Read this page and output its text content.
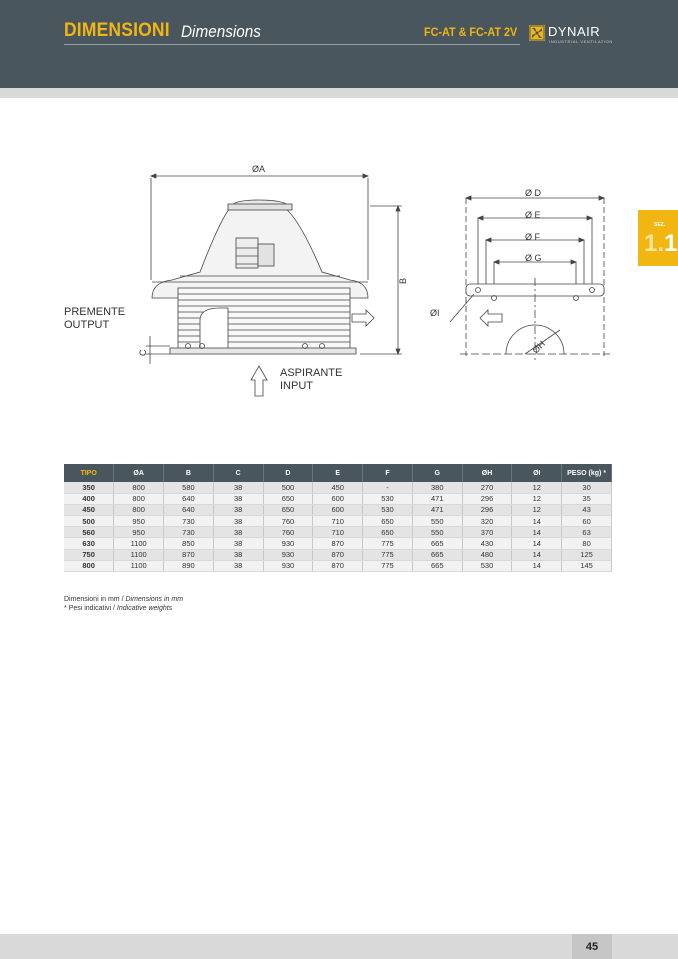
DIMENSIONI Dimensions	FC-AT & FC-AT 2V DYNAIR
INDUSTRIAL VENTILATION
SEZ.
1.1
ØA
B
C
PREMENTE
OUTPUT
ASPIRANTE
INPUT
Ø D
Ø E
Ø F
Ø G
ØI
ØH
TIPO	ØA	B	C	D	E	F	G	ØH	ØI	PESO (kg) *
350	800	580	38	500	450	-	380	270	12	30
400	800	640	38	650	600	530	471	296	12	35
450	800	640	38	650	600	530	471	296	12	43
500	950	730	38	760	710	650	550	320	14	60
560	950	730	38	760	710	650	550	370	14	63
630	1100	850	38	930	870	775	665	430	14	80
750	1100	870	38	930	870	775	665	480	14	125
800	1100	890	38	930	870	775	665	530	14	145
Dimensioni in mm / Dimensions in mm
* Pesi indicativi / Indicative weights
45
